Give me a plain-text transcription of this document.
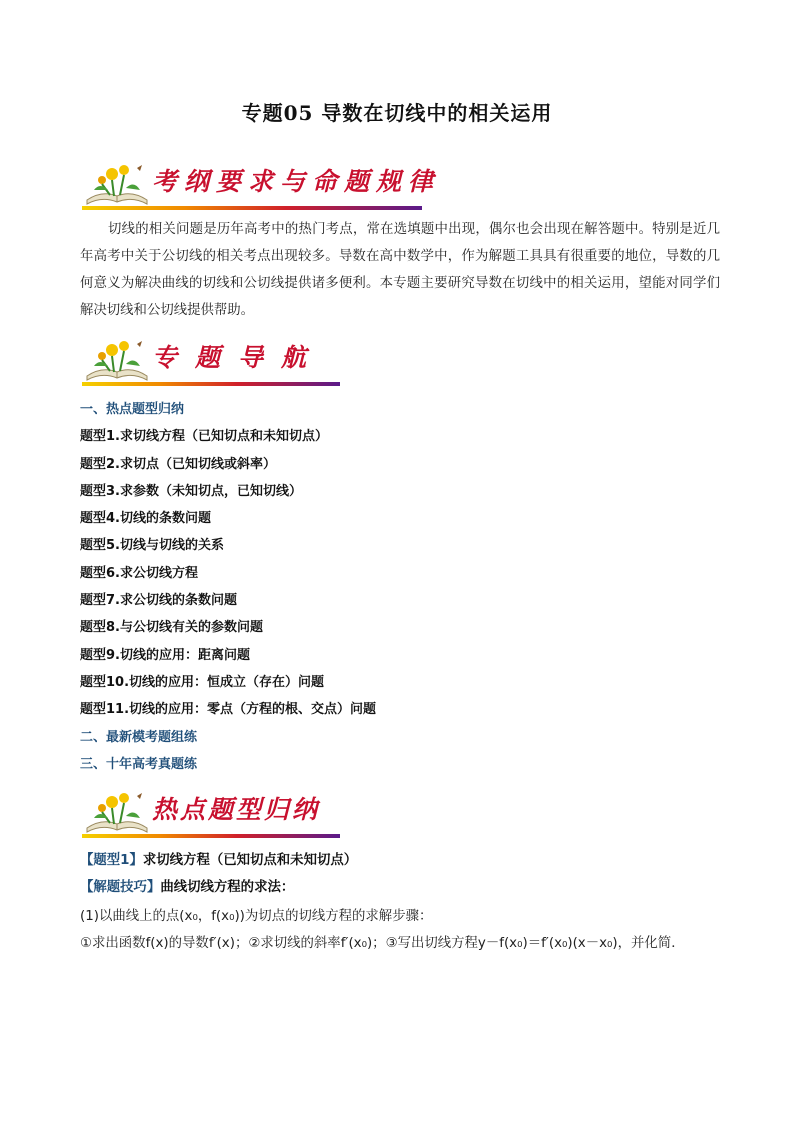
专题05 导数在切线中的相关运用
考纲要求与命题规律
切线的相关问题是历年高考中的热门考点，常在选填题中出现，偶尔也会出现在解答题中。特别是近几年高考中关于公切线的相关考点出现较多。导数在高中数学中，作为解题工具具有很重要的地位，导数的几何意义为解决曲线的切线和公切线提供诸多便利。本专题主要研究导数在切线中的相关运用，望能对同学们解决切线和公切线提供帮助。
专题导航
一、热点题型归纳
题型1.求切线方程（已知切点和未知切点）
题型2.求切点（已知切线或斜率）
题型3.求参数（未知切点，已知切线）
题型4.切线的条数问题
题型5.切线与切线的关系
题型6.求公切线方程
题型7.求公切线的条数问题
题型8.与公切线有关的参数问题
题型9.切线的应用：距离问题
题型10.切线的应用：恒成立（存在）问题
题型11.切线的应用：零点（方程的根、交点）问题
二、最新模考题组练
三、十年高考真题练
热点题型归纳
【题型1】求切线方程（已知切点和未知切点）
【解题技巧】曲线切线方程的求法：
(1)以曲线上的点(x₀，f(x₀))为切点的切线方程的求解步骤：
①求出函数f(x)的导数f′(x)；②求切线的斜率f′(x₀)；③写出切线方程y－f(x₀)＝f′(x₀)(x－x₀)，并化简．
